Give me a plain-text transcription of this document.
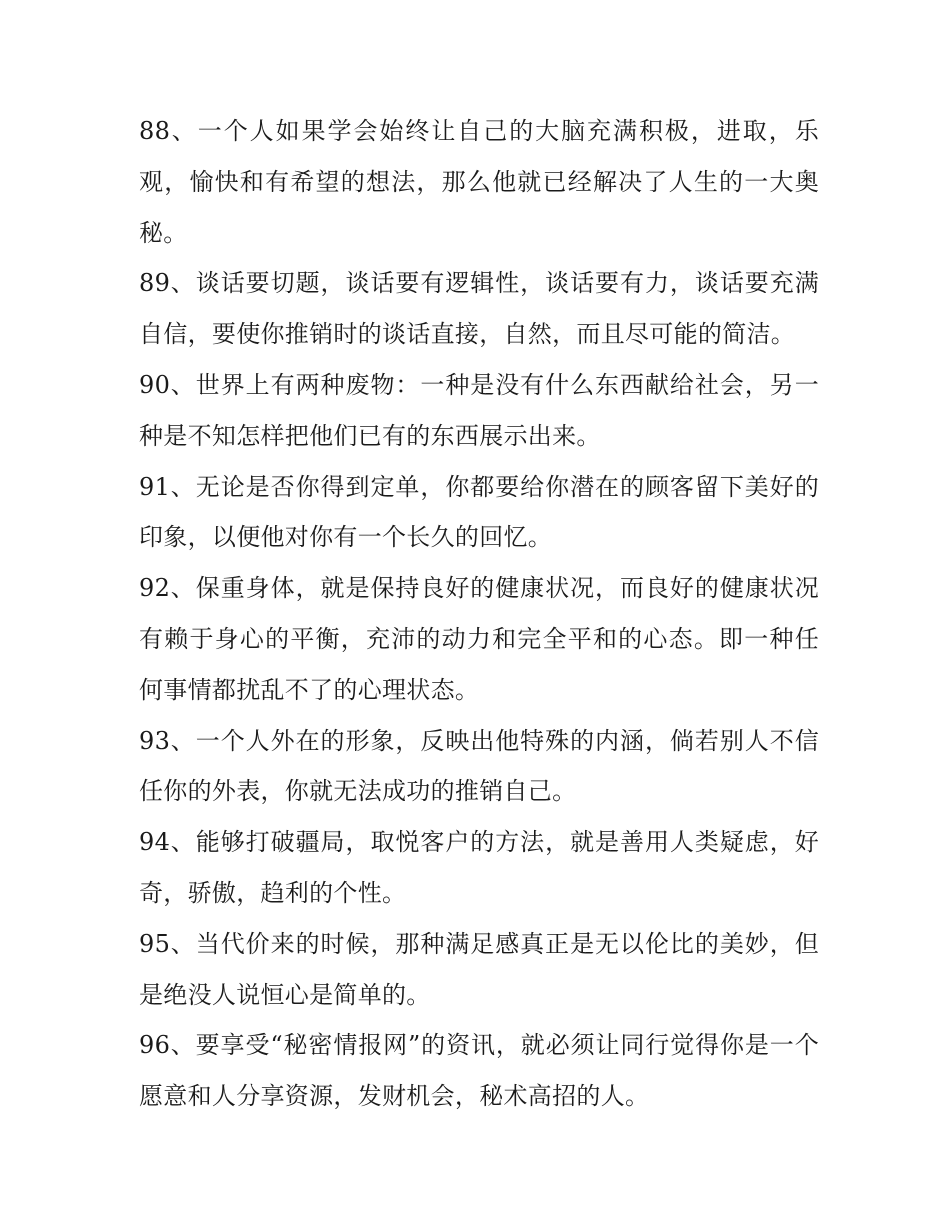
88、一个人如果学会始终让自己的大脑充满积极，进取，乐观，愉快和有希望的想法，那么他就已经解决了人生的一大奥秘。

89、谈话要切题，谈话要有逻辑性，谈话要有力，谈话要充满自信，要使你推销时的谈话直接，自然，而且尽可能的简洁。

90、世界上有两种废物：一种是没有什么东西献给社会，另一种是不知怎样把他们已有的东西展示出来。

91、无论是否你得到定单，你都要给你潜在的顾客留下美好的印象，以便他对你有一个长久的回忆。

92、保重身体，就是保持良好的健康状况，而良好的健康状况有赖于身心的平衡，充沛的动力和完全平和的心态。即一种任何事情都扰乱不了的心理状态。

93、一个人外在的形象，反映出他特殊的内涵，倘若别人不信任你的外表，你就无法成功的推销自己。

94、能够打破疆局，取悦客户的方法，就是善用人类疑虑，好奇，骄傲，趋利的个性。

95、当代价来的时候，那种满足感真正是无以伦比的美妙，但是绝没人说恒心是简单的。

96、要享受“秘密情报网”的资讯，就必须让同行觉得你是一个愿意和人分享资源，发财机会，秘术高招的人。
